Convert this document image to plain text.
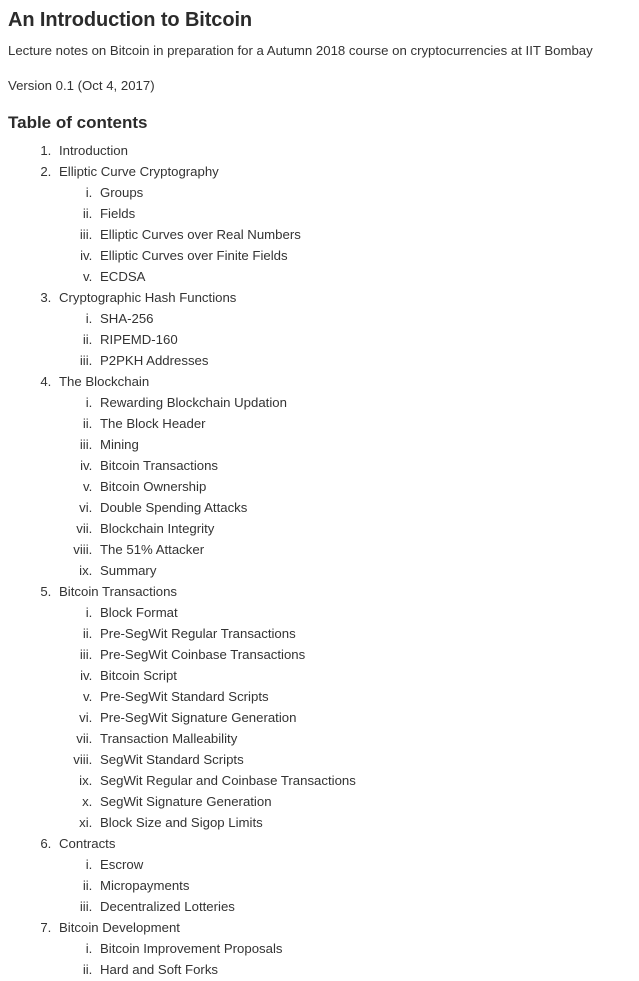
An Introduction to Bitcoin

Lecture notes on Bitcoin in preparation for a Autumn 2018 course on cryptocurrencies at IIT Bombay

Version 0.1 (Oct 4, 2017)

Table of contents
1. Introduction
2. Elliptic Curve Cryptography
i. Groups
ii. Fields
iii. Elliptic Curves over Real Numbers
iv. Elliptic Curves over Finite Fields
v. ECDSA
3. Cryptographic Hash Functions
i. SHA-256
ii. RIPEMD-160
iii. P2PKH Addresses
4. The Blockchain
i. Rewarding Blockchain Updation
ii. The Block Header
iii. Mining
iv. Bitcoin Transactions
v. Bitcoin Ownership
vi. Double Spending Attacks
vii. Blockchain Integrity
viii. The 51% Attacker
ix. Summary
5. Bitcoin Transactions
i. Block Format
ii. Pre-SegWit Regular Transactions
iii. Pre-SegWit Coinbase Transactions
iv. Bitcoin Script
v. Pre-SegWit Standard Scripts
vi. Pre-SegWit Signature Generation
vii. Transaction Malleability
viii. SegWit Standard Scripts
ix. SegWit Regular and Coinbase Transactions
x. SegWit Signature Generation
xi. Block Size and Sigop Limits
6. Contracts
i. Escrow
ii. Micropayments
iii. Decentralized Lotteries
7. Bitcoin Development
i. Bitcoin Improvement Proposals
ii. Hard and Soft Forks
